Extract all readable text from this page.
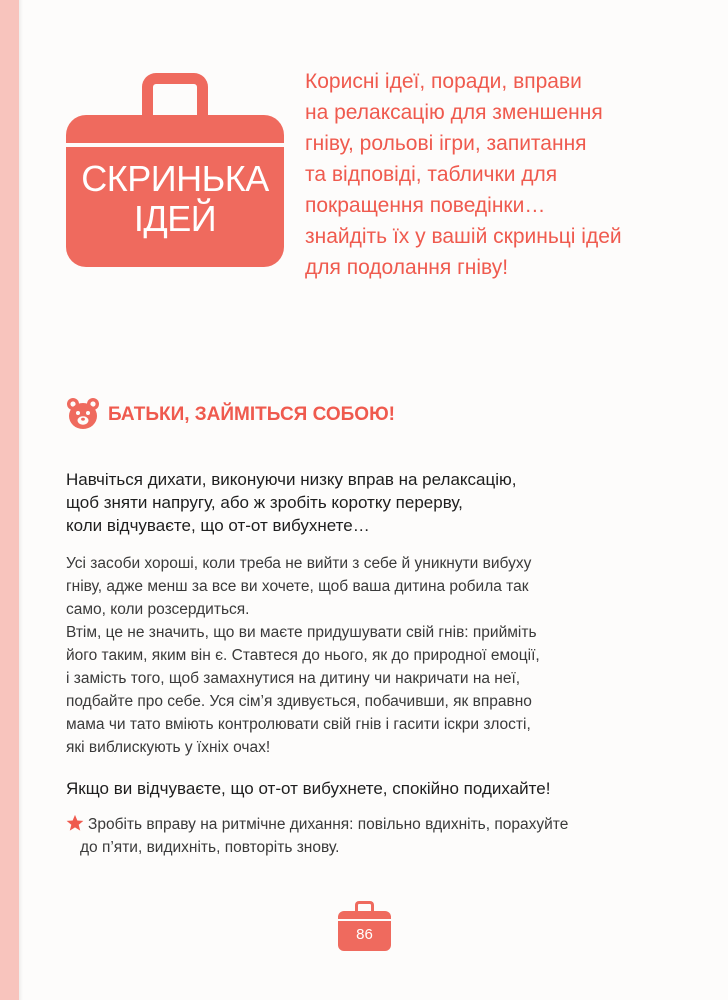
СКРИНЬКА
ІДЕЙ

Корисні ідеї, поради, вправи
на релаксацію для зменшення
гніву, рольові ігри, запитання
та відповіді, таблички для
покращення поведінки…
знайдіть їх у вашій скриньці ідей
для подолання гніву!

БАТЬКИ, ЗАЙМІТЬСЯ СОБОЮ!

Навчіться дихати, виконуючи низку вправ на релаксацію,
щоб зняти напругу, або ж зробіть коротку перерву,
коли відчуваєте, що от-от вибухнете…

Усі засоби хороші, коли треба не вийти з себе й уникнути вибуху
гніву, адже менш за все ви хочете, щоб ваша дитина робила так
само, коли розсердиться.
Втім, це не значить, що ви маєте придушувати свій гнів: прийміть
його таким, яким він є. Ставтеся до нього, як до природної емоції,
і замість того, щоб замахнутися на дитину чи накричати на неї,
подбайте про себе. Уся сім’я здивується, побачивши, як вправно
мама чи тато вміють контролювати свій гнів і гасити іскри злості,
які виблискують у їхніх очах!

Якщо ви відчуваєте, що от-от вибухнете, спокійно подихайте!

Зробіть вправу на ритмічне дихання: повільно вдихніть, порахуйте
до п’яти, видихніть, повторіть знову.

86
